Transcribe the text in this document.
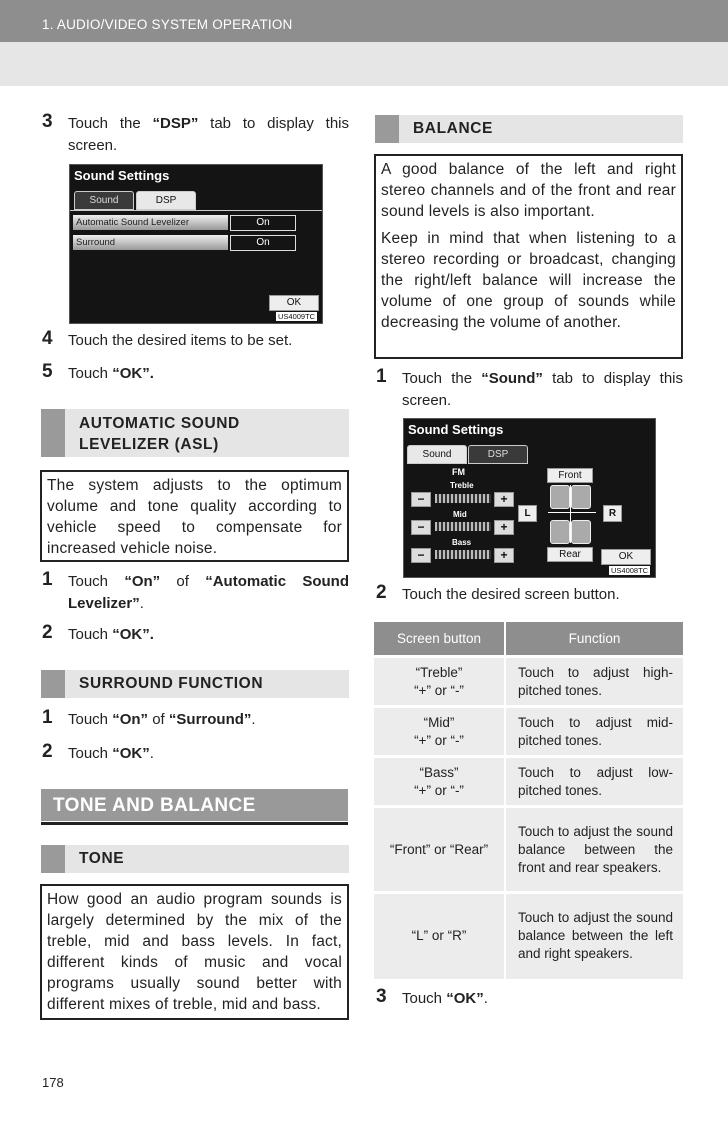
1. AUDIO/VIDEO SYSTEM OPERATION
3 Touch the “DSP” tab to display this screen.
Sound Settings
Sound	DSP
Automatic Sound Levelizer	On
Surround	On
OK
US4009TC
4 Touch the desired items to be set.
5 Touch “OK”.
AUTOMATIC SOUND
LEVELIZER (ASL)

The system adjusts to the optimum volume and tone quality according to vehicle speed to compensate for increased vehicle noise.

1 Touch “On” of “Automatic Sound Levelizer”.
2 Touch “OK”.
SURROUND FUNCTION
1 Touch “On” of “Surround”.
2 Touch “OK”.
TONE AND BALANCE
TONE

How good an audio program sounds is largely determined by the mix of the treble, mid and bass levels. In fact, different kinds of music and vocal programs usually sound better with different mixes of treble, mid and bass.

BALANCE

A good balance of the left and right stereo channels and of the front and rear sound levels is also important.

Keep in mind that when listening to a stereo recording or broadcast, changing the right/left balance will increase the volume of one group of sounds while decreasing the volume of another.

1 Touch the “Sound” tab to display this screen.
Sound Settings
Sound	DSP
FM
Treble
−	+
Mid
−	+
Bass
−	+
Front
Rear
L	R
OK
US4008TC
2 Touch the desired screen button.
Screen button	Function

“Treble”
“+” or “-”	Touch to adjust high-pitched tones.

“Mid”
“+” or “-”	Touch to adjust mid-pitched tones.

“Bass”
“+” or “-”	Touch to adjust low-pitched tones.

“Front” or “Rear”	Touch to adjust the sound balance between the front and rear speakers.

“L” or “R”	Touch to adjust the sound balance between the left and right speakers.
3 Touch “OK”.
178
